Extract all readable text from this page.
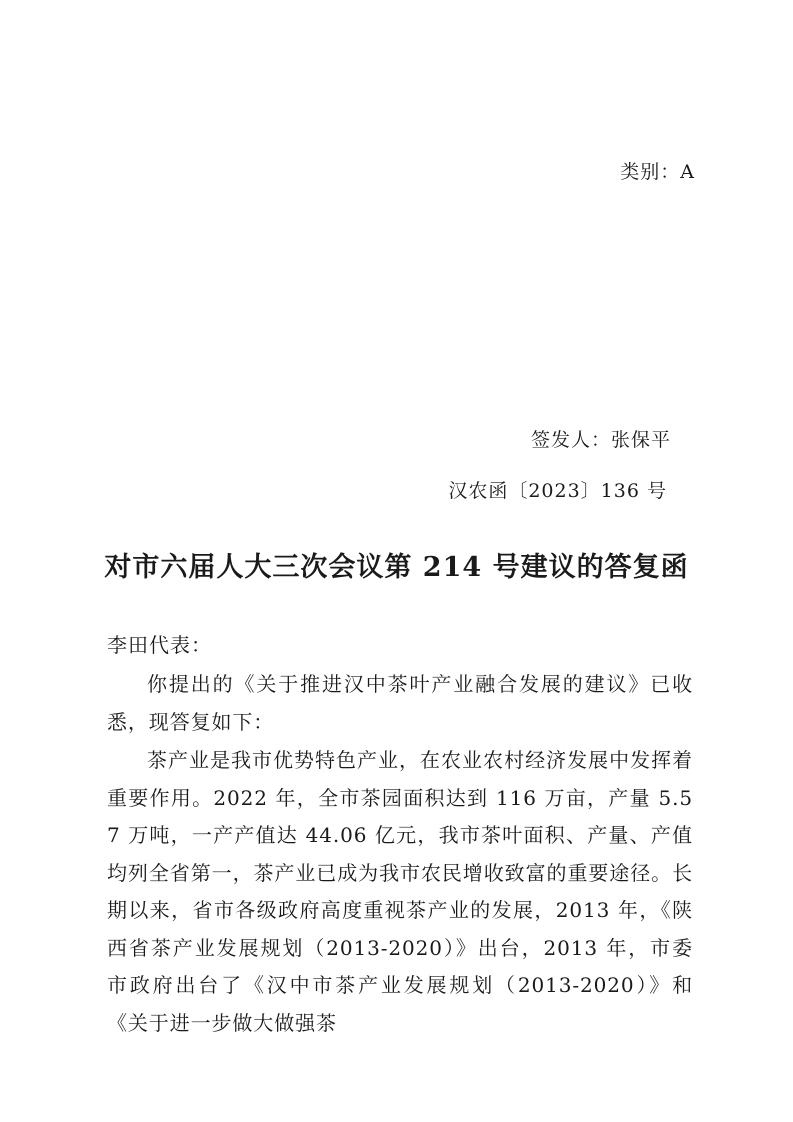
类别：A
签发人：张保平
汉农函〔2023〕136 号
对市六届人大三次会议第 214 号建议的答复函
李田代表：

你提出的《关于推进汉中茶叶产业融合发展的建议》已收悉，现答复如下：

茶产业是我市优势特色产业，在农业农村经济发展中发挥着重要作用。2022 年，全市茶园面积达到 116 万亩，产量 5.57 万吨，一产产值达 44.06 亿元，我市茶叶面积、产量、产值均列全省第一，茶产业已成为我市农民增收致富的重要途径。长期以来，省市各级政府高度重视茶产业的发展，2013 年，《陕西省茶产业发展规划（2013-2020）》出台，2013 年，市委市政府出台了《汉中市茶产业发展规划（2013-2020）》和《关于进一步做大做强茶
